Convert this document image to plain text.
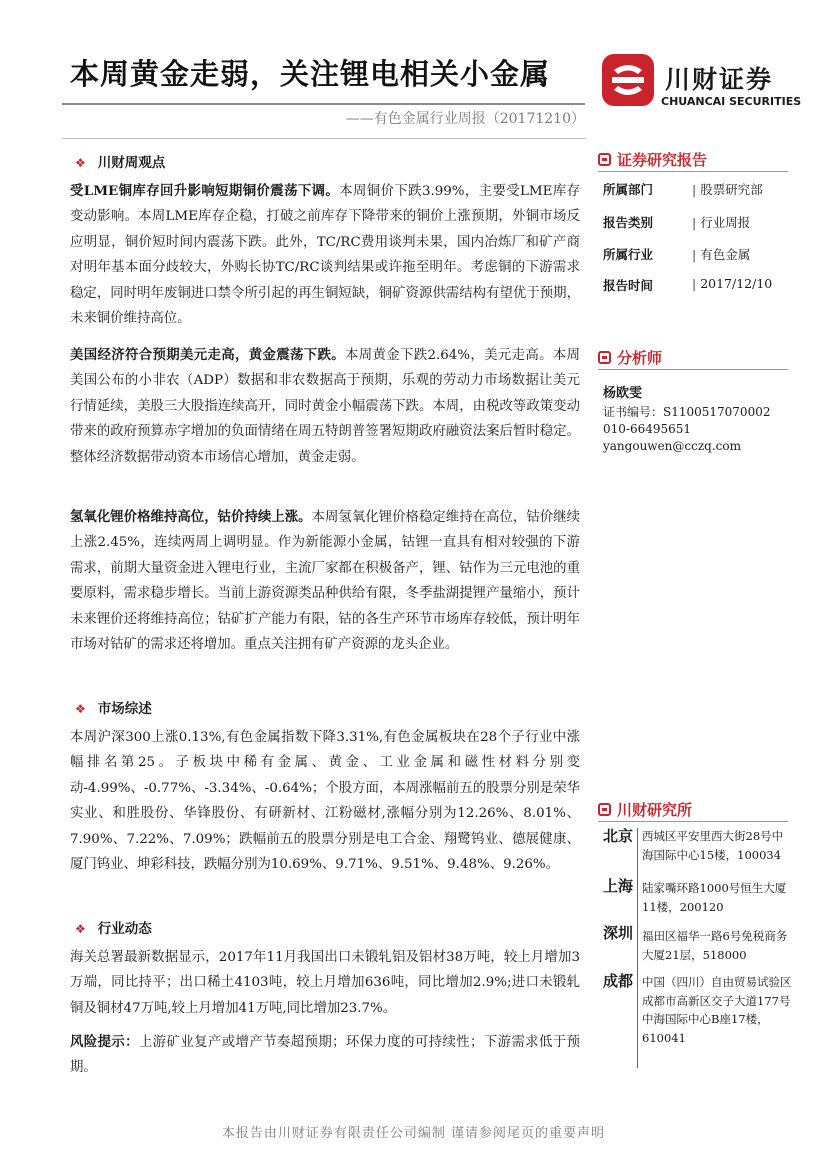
本周黄金走弱，关注锂电相关小金属
——有色金属行业周报（20171210）
川财证券
CHUANCAI SECURITIES
❖ 川财周观点
受LME铜库存回升影响短期铜价震荡下调。本周铜价下跌3.99%，主要受LME库存变动影响。本周LME库存企稳，打破之前库存下降带来的铜价上涨预期，外铜市场反应明显，铜价短时间内震荡下跌。此外，TC/RC费用谈判未果，国内冶炼厂和矿产商对明年基本面分歧较大，外购长协TC/RC谈判结果或许拖至明年。考虑铜的下游需求稳定，同时明年废铜进口禁令所引起的再生铜短缺，铜矿资源供需结构有望优于预期，未来铜价维持高位。
美国经济符合预期美元走高，黄金震荡下跌。本周黄金下跌2.64%，美元走高。本周美国公布的小非农（ADP）数据和非农数据高于预期，乐观的劳动力市场数据让美元行情延续，美股三大股指连续高开，同时黄金小幅震荡下跌。本周，由税改等政策变动带来的政府预算赤字增加的负面情绪在周五特朗普签署短期政府融资法案后暂时稳定。整体经济数据带动资本市场信心增加，黄金走弱。
氢氧化锂价格维持高位，钴价持续上涨。本周氢氧化锂价格稳定维持在高位，钴价继续上涨2.45%，连续两周上调明显。作为新能源小金属，钴锂一直具有相对较强的下游需求，前期大量资金进入锂电行业，主流厂家都在积极备产，锂、钴作为三元电池的重要原料，需求稳步增长。当前上游资源类品种供给有限，冬季盐湖提锂产量缩小，预计未来锂价还将维持高位；钴矿扩产能力有限，钴的各生产环节市场库存较低，预计明年市场对钴矿的需求还将增加。重点关注拥有矿产资源的龙头企业。
❖ 市场综述
本周沪深300上涨0.13%,有色金属指数下降3.31%,有色金属板块在28个子行业中涨幅排名第25。子板块中稀有金属、黄金、工业金属和磁性材料分别变动-4.99%、-0.77%、-3.34%、-0.64%；个股方面，本周涨幅前五的股票分别是荣华实业、和胜股份、华锋股份、有研新材、江粉磁材,涨幅分别为12.26%、8.01%、7.90%、7.22%、7.09%；跌幅前五的股票分别是电工合金、翔鹭钨业、德展健康、厦门钨业、坤彩科技，跌幅分别为10.69%、9.71%、9.51%、9.48%、9.26%。
❖ 行业动态
海关总署最新数据显示，2017年11月我国出口未锻轧铝及铝材38万吨，较上月增加3万端，同比持平；出口稀土4103吨，较上月增加636吨，同比增加2.9%;进口未锻轧铜及铜材47万吨,较上月增加41万吨,同比增加23.7%。
风险提示：上游矿业复产或增产节奏超预期；环保力度的可持续性；下游需求低于预期。
证券研究报告
所属部门	| 股票研究部
报告类别	| 行业周报
所属行业	| 有色金属
报告时间	| 2017/12/10
分析师
杨欧雯
证书编号：S1100517070002
010-66495651
yangouwen@cczq.com
川财研究所
北京 西城区平安里西大街28号中海国际中心15楼，100034
上海 陆家嘴环路1000号恒生大厦11楼，200120
深圳 福田区福华一路6号免税商务大厦21层，518000
成都 中国（四川）自由贸易试验区成都市高新区交子大道177号中海国际中心B座17楼，610041
本报告由川财证券有限责任公司编制 谨请参阅尾页的重要声明
